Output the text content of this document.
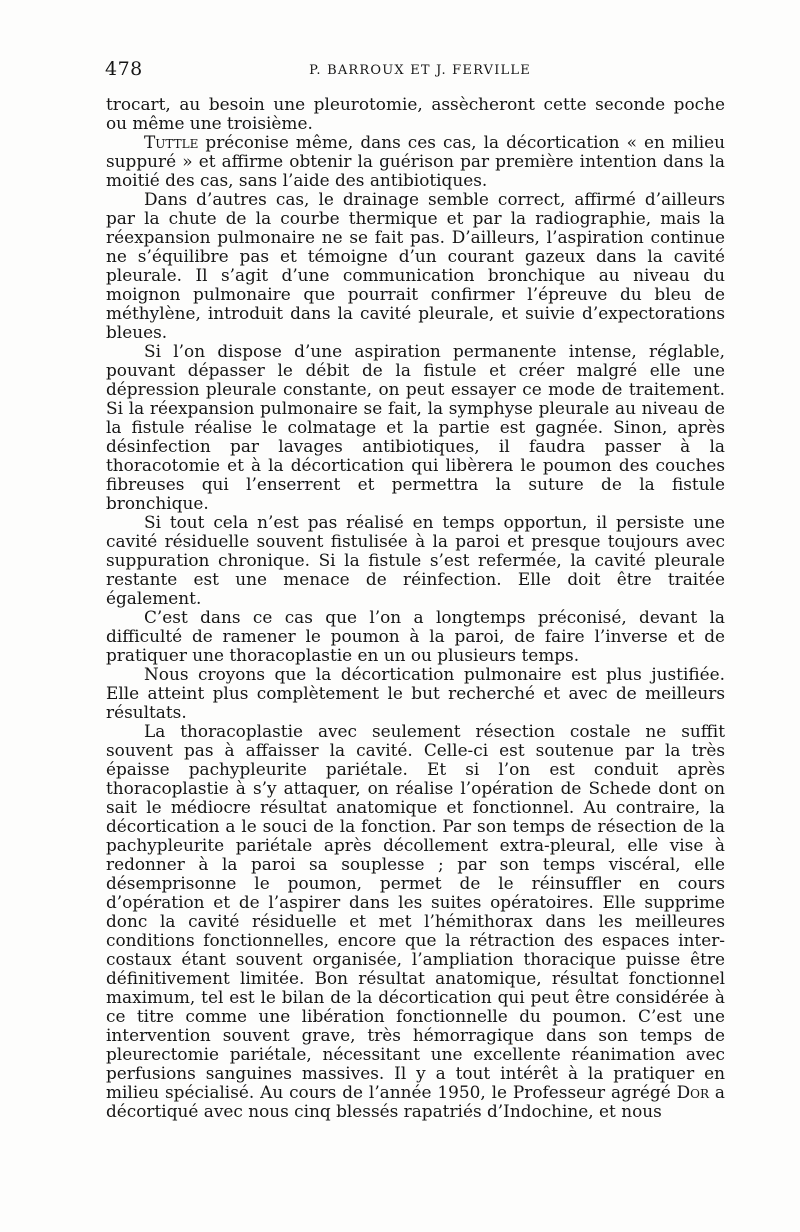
478	P. BARROUX ET J. FERVILLE

trocart, au besoin une pleurotomie, assècheront cette seconde poche ou même une troisième.

Tuttle préconise même, dans ces cas, la décortication « en milieu suppuré » et affirme obtenir la guérison par première intention dans la moitié des cas, sans l’aide des antibiotiques.

Dans d’autres cas, le drainage semble correct, affirmé d’ailleurs par la chute de la courbe thermique et par la radiographie, mais la réexpansion pulmonaire ne se fait pas. D’ailleurs, l’aspiration continue ne s’équilibre pas et témoigne d’un courant gazeux dans la cavité pleurale. Il s’agit d’une communication bronchique au niveau du moignon pulmonaire que pourrait confirmer l’épreuve du bleu de méthylène, introduit dans la cavité pleurale, et suivie d’expectorations bleues.

Si l’on dispose d’une aspiration permanente intense, réglable, pouvant dépasser le débit de la fistule et créer malgré elle une dépression pleurale constante, on peut essayer ce mode de traitement. Si la réexpansion pulmonaire se fait, la symphyse pleurale au niveau de la fistule réalise le colmatage et la partie est gagnée. Sinon, après désinfection par lavages antibiotiques, il faudra passer à la thoracotomie et à la décortication qui libèrera le poumon des couches fibreuses qui l’enserrent et permettra la suture de la fistule bronchique.

Si tout cela n’est pas réalisé en temps opportun, il persiste une cavité résiduelle souvent fistulisée à la paroi et presque toujours avec suppuration chronique. Si la fistule s’est refermée, la cavité pleurale restante est une menace de réinfection. Elle doit être traitée également.

C’est dans ce cas que l’on a longtemps préconisé, devant la difficulté de ramener le poumon à la paroi, de faire l’inverse et de pratiquer une thoracoplastie en un ou plusieurs temps.

Nous croyons que la décortication pulmonaire est plus justifiée. Elle atteint plus complètement le but recherché et avec de meilleurs résultats.

La thoracoplastie avec seulement résection costale ne suffit souvent pas à affaisser la cavité. Celle-ci est soutenue par la très épaisse pachypleurite pariétale. Et si l’on est conduit après thoracoplastie à s’y attaquer, on réalise l’opération de Schede dont on sait le médiocre résultat anatomique et fonctionnel. Au contraire, la décortication a le souci de la fonction. Par son temps de résection de la pachypleurite pariétale après décollement extra-pleural, elle vise à redonner à la paroi sa souplesse ; par son temps viscéral, elle désemprisonne le poumon, permet de le réinsuffler en cours d’opération et de l’aspirer dans les suites opératoires. Elle supprime donc la cavité résiduelle et met l’hémithorax dans les meilleures conditions fonctionnelles, encore que la rétraction des espaces inter-costaux étant souvent organisée, l’ampliation thoracique puisse être définitivement limitée. Bon résultat anatomique, résultat fonctionnel maximum, tel est le bilan de la décortication qui peut être considérée à ce titre comme une libération fonctionnelle du poumon. C’est une intervention souvent grave, très hémorragique dans son temps de pleurectomie pariétale, nécessitant une excellente réanimation avec perfusions sanguines massives. Il y a tout intérêt à la pratiquer en milieu spécialisé. Au cours de l’année 1950, le Professeur agrégé Dor a décortiqué avec nous cinq blessés rapatriés d’Indochine, et nous
